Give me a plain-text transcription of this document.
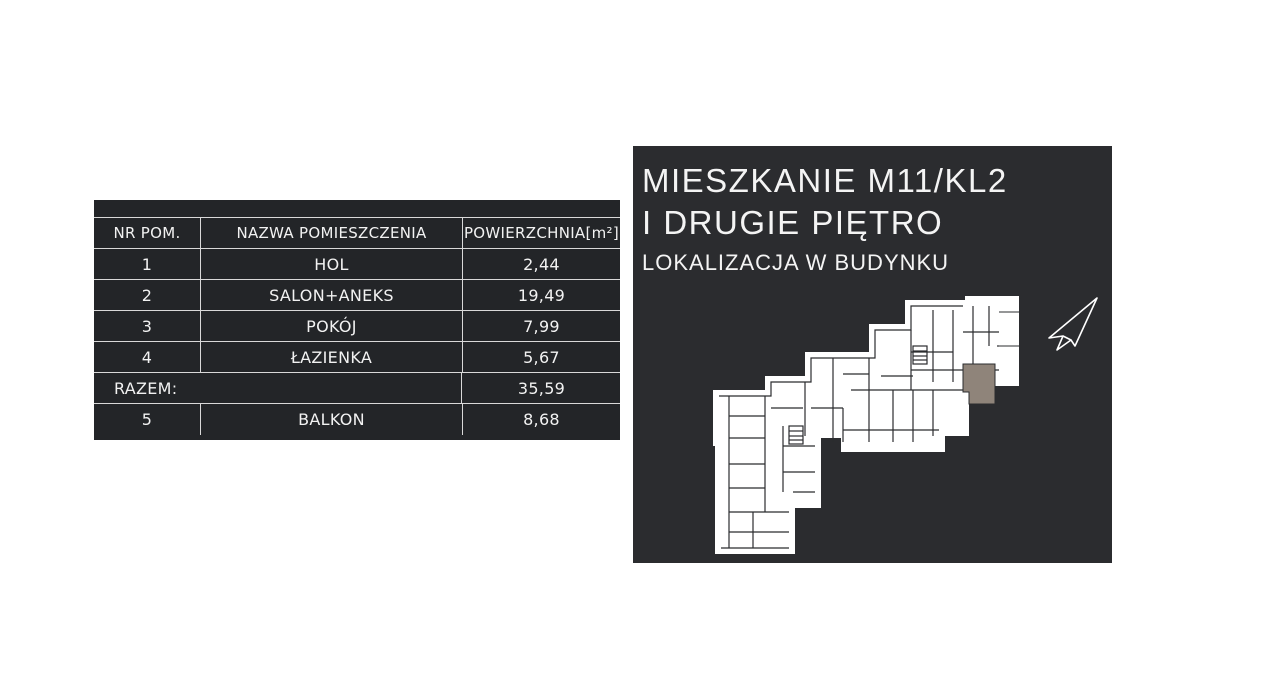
NR POM.	NAZWA POMIESZCZENIA	POWIERZCHNIA[m²]
1	HOL	2,44
2	SALON+ANEKS	19,49
3	POKÓJ	7,99
4	ŁAZIENKA	5,67
RAZEM:	35,59
5	BALKON	8,68
MIESZKANIE M11/KL2
I DRUGIE PIĘTRO
LOKALIZACJA W BUDYNKU
